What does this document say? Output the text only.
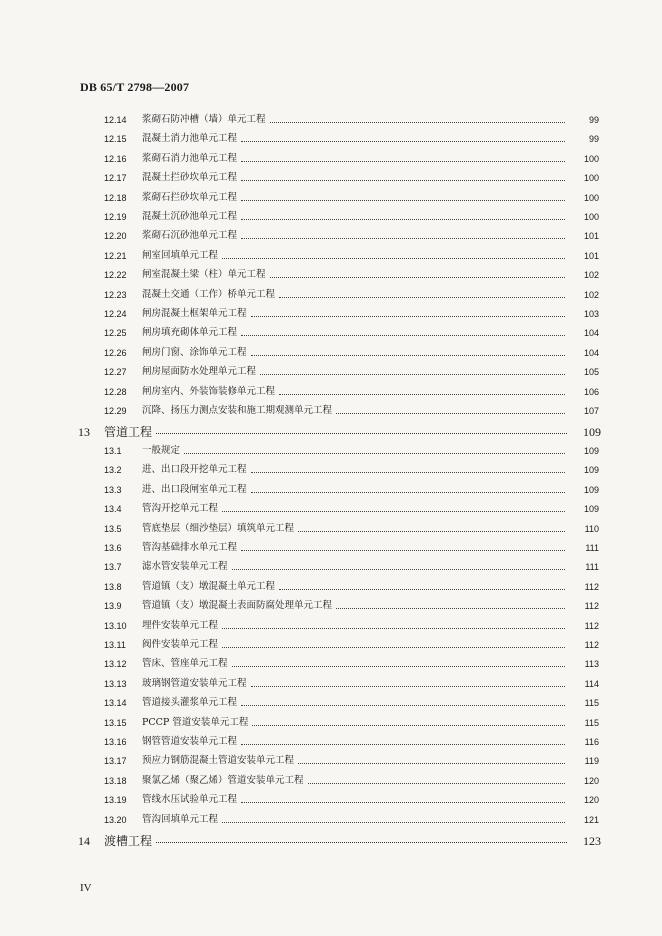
DB 65/T 2798—2007
12.14	浆砌石防冲槽（墙）单元工程	99
12.15	混凝土消力池单元工程	99
12.16	浆砌石消力池单元工程	100
12.17	混凝土拦砂坎单元工程	100
12.18	浆砌石拦砂坎单元工程	100
12.19	混凝土沉砂池单元工程	100
12.20	浆砌石沉砂池单元工程	101
12.21	闸室回填单元工程	101
12.22	闸室混凝土梁（柱）单元工程	102
12.23	混凝土交通（工作）桥单元工程	102
12.24	闸房混凝土框架单元工程	103
12.25	闸房填充砌体单元工程	104
12.26	闸房门窗、涂饰单元工程	104
12.27	闸房屋面防水处理单元工程	105
12.28	闸房室内、外装饰装修单元工程	106
12.29	沉降、扬压力测点安装和施工期观测单元工程	107
13	管道工程	109
13.1	一般规定	109
13.2	进、出口段开挖单元工程	109
13.3	进、出口段闸室单元工程	109
13.4	管沟开挖单元工程	109
13.5	管底垫层（细沙垫层）填筑单元工程	110
13.6	管沟基础排水单元工程	111
13.7	滤水管安装单元工程	111
13.8	管道镇（支）墩混凝土单元工程	112
13.9	管道镇（支）墩混凝土表面防腐处理单元工程	112
13.10	埋件安装单元工程	112
13.11	阀件安装单元工程	112
13.12	管床、管座单元工程	113
13.13	玻璃钢管道安装单元工程	114
13.14	管道接头灌浆单元工程	115
13.15	PCCP 管道安装单元工程	115
13.16	钢管管道安装单元工程	116
13.17	预应力钢筋混凝土管道安装单元工程	119
13.18	聚氯乙烯（聚乙烯）管道安装单元工程	120
13.19	管线水压试验单元工程	120
13.20	管沟回填单元工程	121
14	渡槽工程	123
IV
